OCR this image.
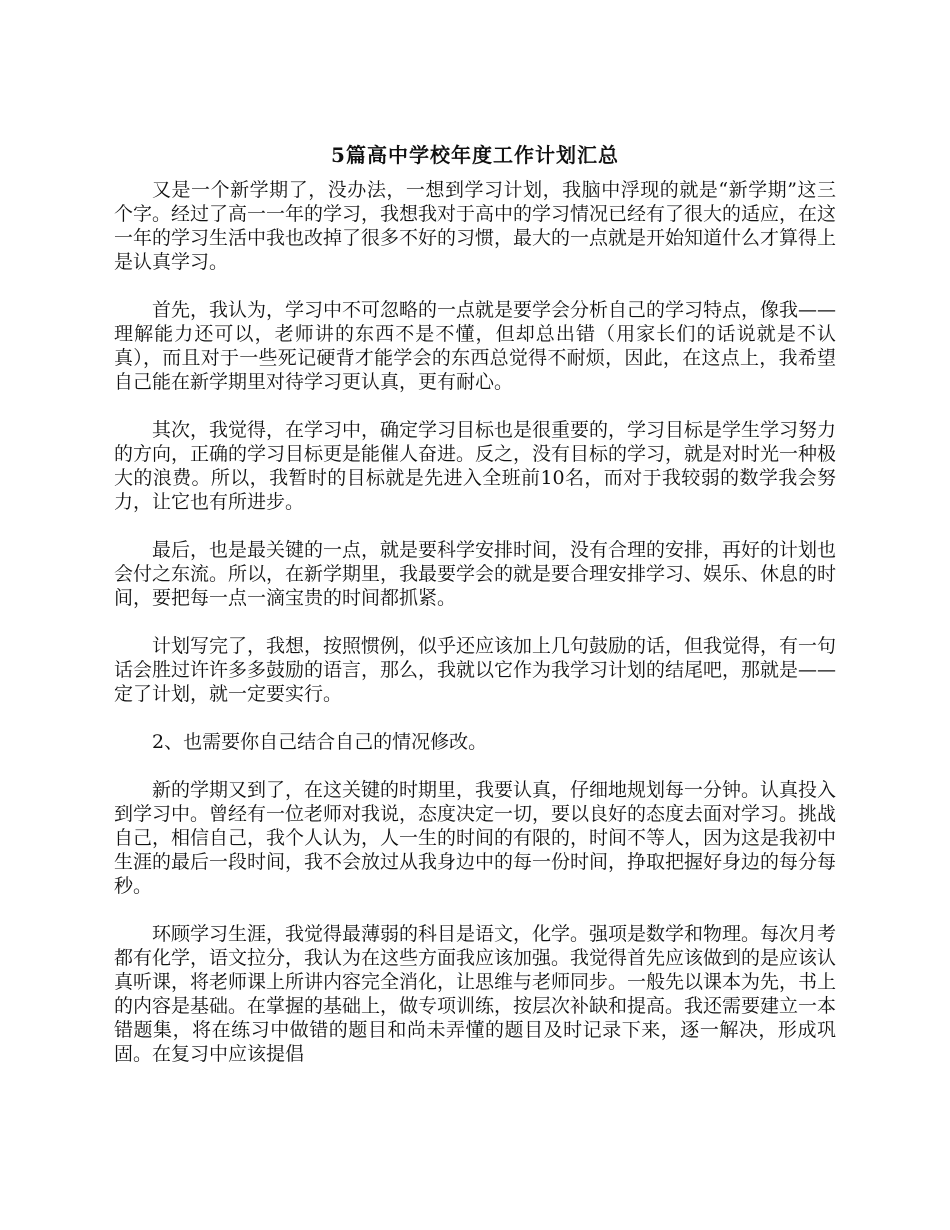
5篇高中学校年度工作计划汇总

又是一个新学期了，没办法，一想到学习计划，我脑中浮现的就是“新学期”这三个字。经过了高一一年的学习，我想我对于高中的学习情况已经有了很大的适应，在这一年的学习生活中我也改掉了很多不好的习惯，最大的一点就是开始知道什么才算得上是认真学习。

首先，我认为，学习中不可忽略的一点就是要学会分析自己的学习特点，像我——理解能力还可以，老师讲的东西不是不懂，但却总出错（用家长们的话说就是不认真），而且对于一些死记硬背才能学会的东西总觉得不耐烦，因此，在这点上，我希望自己能在新学期里对待学习更认真，更有耐心。

其次，我觉得，在学习中，确定学习目标也是很重要的，学习目标是学生学习努力的方向，正确的学习目标更是能催人奋进。反之，没有目标的学习，就是对时光一种极大的浪费。所以，我暂时的目标就是先进入全班前10名，而对于我较弱的数学我会努力，让它也有所进步。

最后，也是最关键的一点，就是要科学安排时间，没有合理的安排，再好的计划也会付之东流。所以，在新学期里，我最要学会的就是要合理安排学习、娱乐、休息的时间，要把每一点一滴宝贵的时间都抓紧。

计划写完了，我想，按照惯例，似乎还应该加上几句鼓励的话，但我觉得，有一句话会胜过许许多多鼓励的语言，那么，我就以它作为我学习计划的结尾吧，那就是——定了计划，就一定要实行。

2、也需要你自己结合自己的情况修改。

新的学期又到了，在这关键的时期里，我要认真，仔细地规划每一分钟。认真投入到学习中。曾经有一位老师对我说，态度决定一切，要以良好的态度去面对学习。挑战自己，相信自己，我个人认为，人一生的时间的有限的，时间不等人，因为这是我初中生涯的最后一段时间，我不会放过从我身边中的每一份时间，挣取把握好身边的每分每秒。

环顾学习生涯，我觉得最薄弱的科目是语文，化学。强项是数学和物理。每次月考都有化学，语文拉分，我认为在这些方面我应该加强。我觉得首先应该做到的是应该认真听课，将老师课上所讲内容完全消化，让思维与老师同步。一般先以课本为先，书上的内容是基础。在掌握的基础上，做专项训练，按层次补缺和提高。我还需要建立一本错题集，将在练习中做错的题目和尚未弄懂的题目及时记录下来，逐一解决，形成巩固。在复习中应该提倡
